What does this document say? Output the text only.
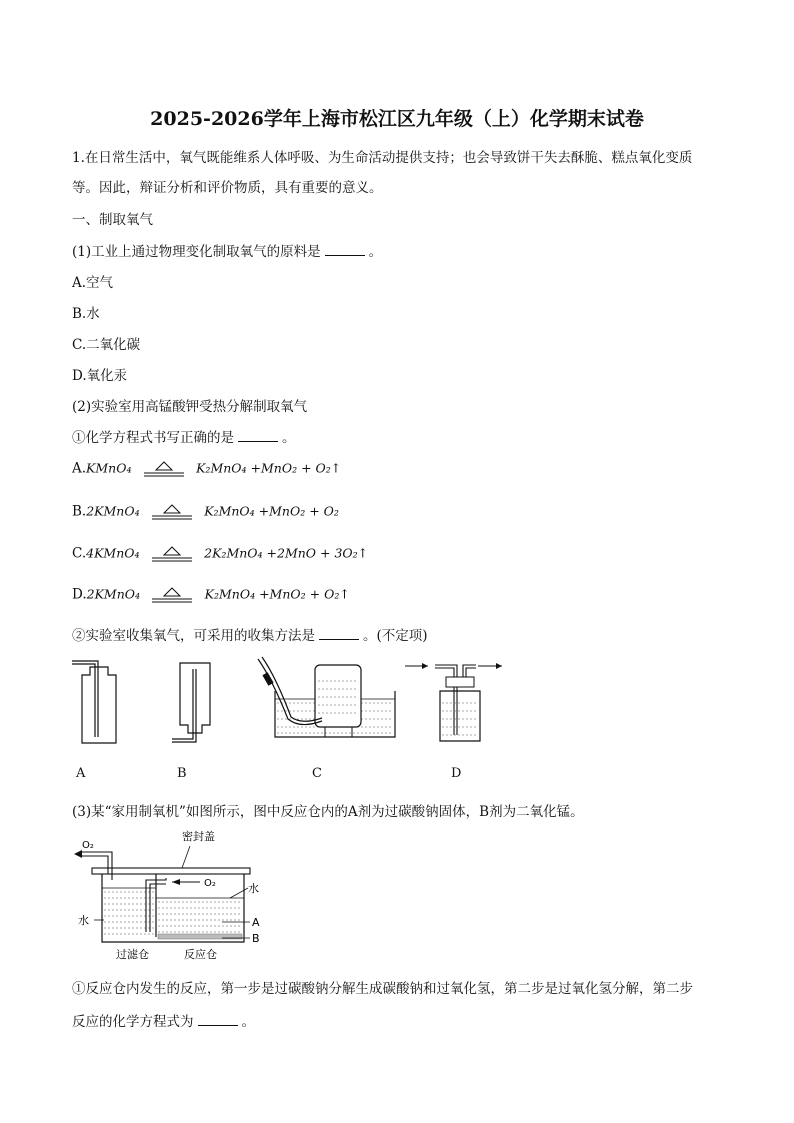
2025-2026学年上海市松江区九年级（上）化学期末试卷
1.在日常生活中，氧气既能维系人体呼吸、为生命活动提供支持；也会导致饼干失去酥脆、糕点氧化变质
等。因此，辩证分析和评价物质，具有重要的意义。
一、制取氧气
(1)工业上通过物理变化制取氧气的原料是	。
A.空气
B.水
C.二氧化碳
D.氧化汞
(2)实验室用高锰酸钾受热分解制取氧气
①化学方程式书写正确的是	。
A.KMnO₄	K₂MnO₄ +MnO₂ + O₂↑
B.2KMnO₄	K₂MnO₄ +MnO₂ + O₂
C.4KMnO₄	2K₂MnO₄ +2MnO + 3O₂↑
D.2KMnO₄	K₂MnO₄ +MnO₂ + O₂↑
②实验室收集氧气，可采用的收集方法是	。(不定项)
A	B	C	D
(3)某“家用制氧机”如图所示，图中反应仓内的A剂为过碳酸钠固体，B剂为二氧化锰。
密封盖
O₂
O₂	水
水	A
B
过滤仓	反应仓
①反应仓内发生的反应，第一步是过碳酸钠分解生成碳酸钠和过氧化氢，第二步是过氧化氢分解，第二步
反应的化学方程式为	。
